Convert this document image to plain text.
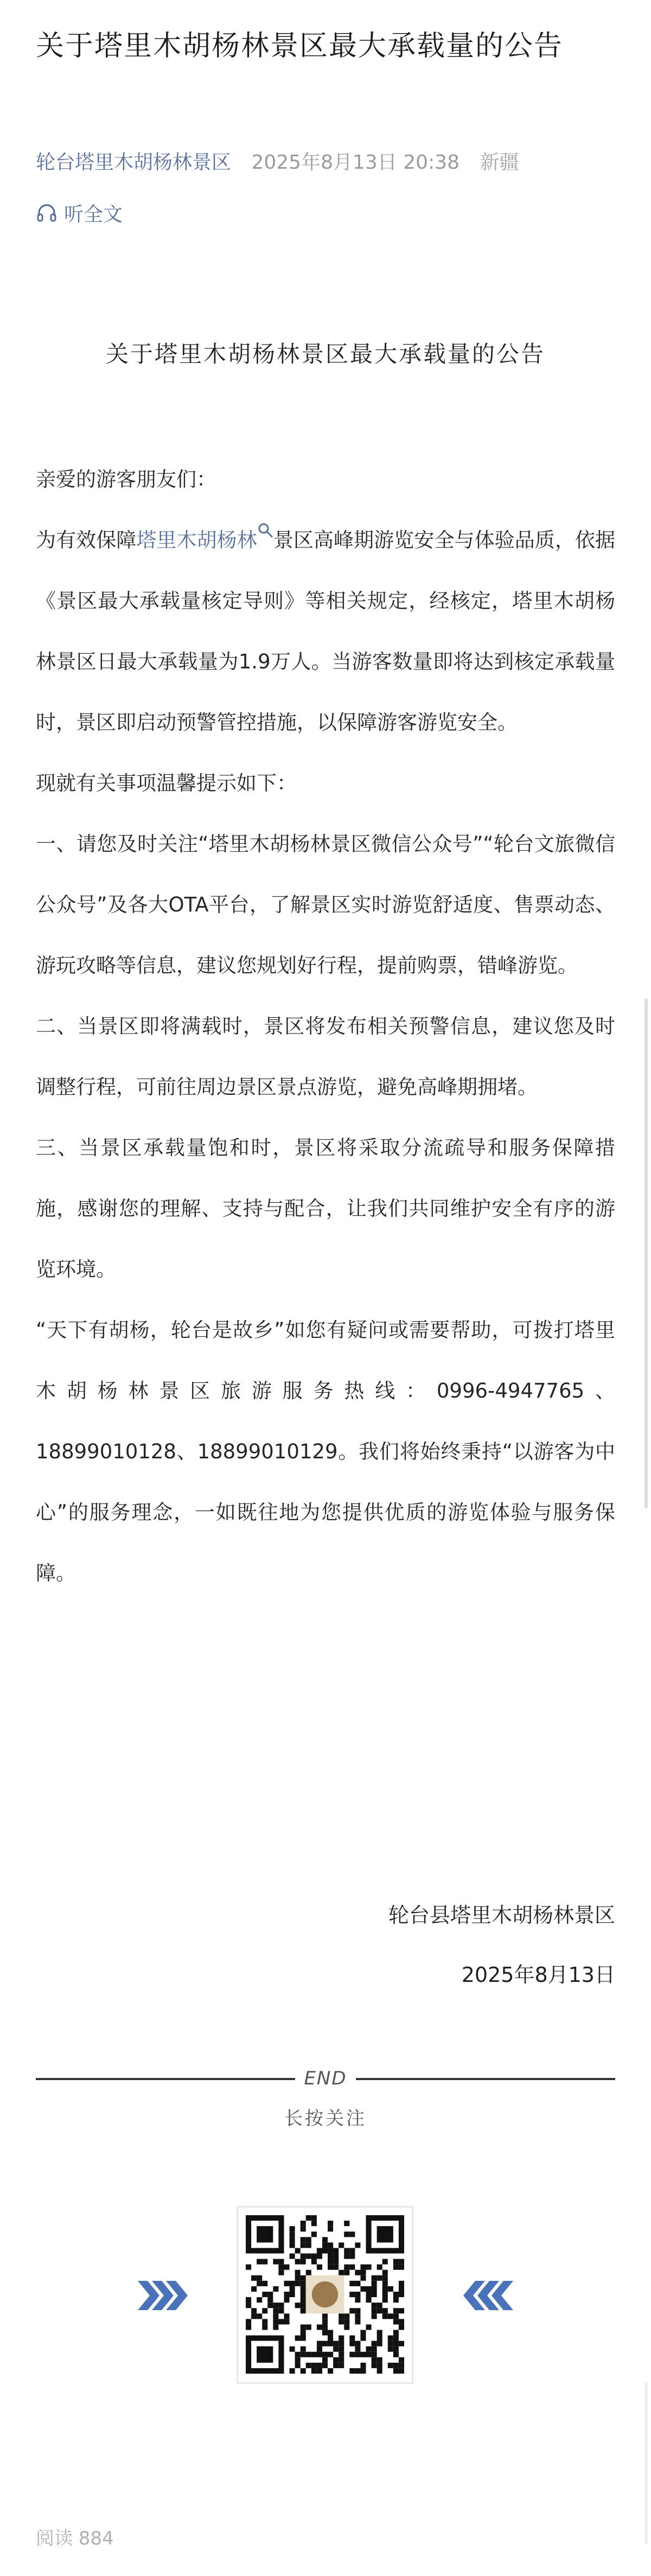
关于塔里木胡杨林景区最大承载量的公告
轮台塔里木胡杨林景区 2025年8月13日 20:38 新疆
听全文
关于塔里木胡杨林景区最大承载量的公告

亲爱的游客朋友们：

为有效保障塔里木胡杨林 景区高峰期游览安全与体验品质，依据《景区最大承载量核定导则》等相关规定，经核定，塔里木胡杨林景区日最大承载量为1.9万人。当游客数量即将达到核定承载量时，景区即启动预警管控措施，以保障游客游览安全。

现就有关事项温馨提示如下：

一、请您及时关注“塔里木胡杨林景区微信公众号”“轮台文旅微信公众号”及各大OTA平台，了解景区实时游览舒适度、售票动态、游玩攻略等信息，建议您规划好行程，提前购票，错峰游览。

二、当景区即将满载时，景区将发布相关预警信息，建议您及时调整行程，可前往周边景区景点游览，避免高峰期拥堵。

三、当景区承载量饱和时，景区将采取分流疏导和服务保障措施，感谢您的理解、支持与配合，让我们共同维护安全有序的游览环境。

“天下有胡杨，轮台是故乡”如您有疑问或需要帮助，可拨打塔里木胡杨林景区旅游服务热线：0996-4947765、18899010128、18899010129。我们将始终秉持“以游客为中心”的服务理念，一如既往地为您提供优质的游览体验与服务保障。

轮台县塔里木胡杨林景区
2025年8月13日
END
长按关注
阅读 884
